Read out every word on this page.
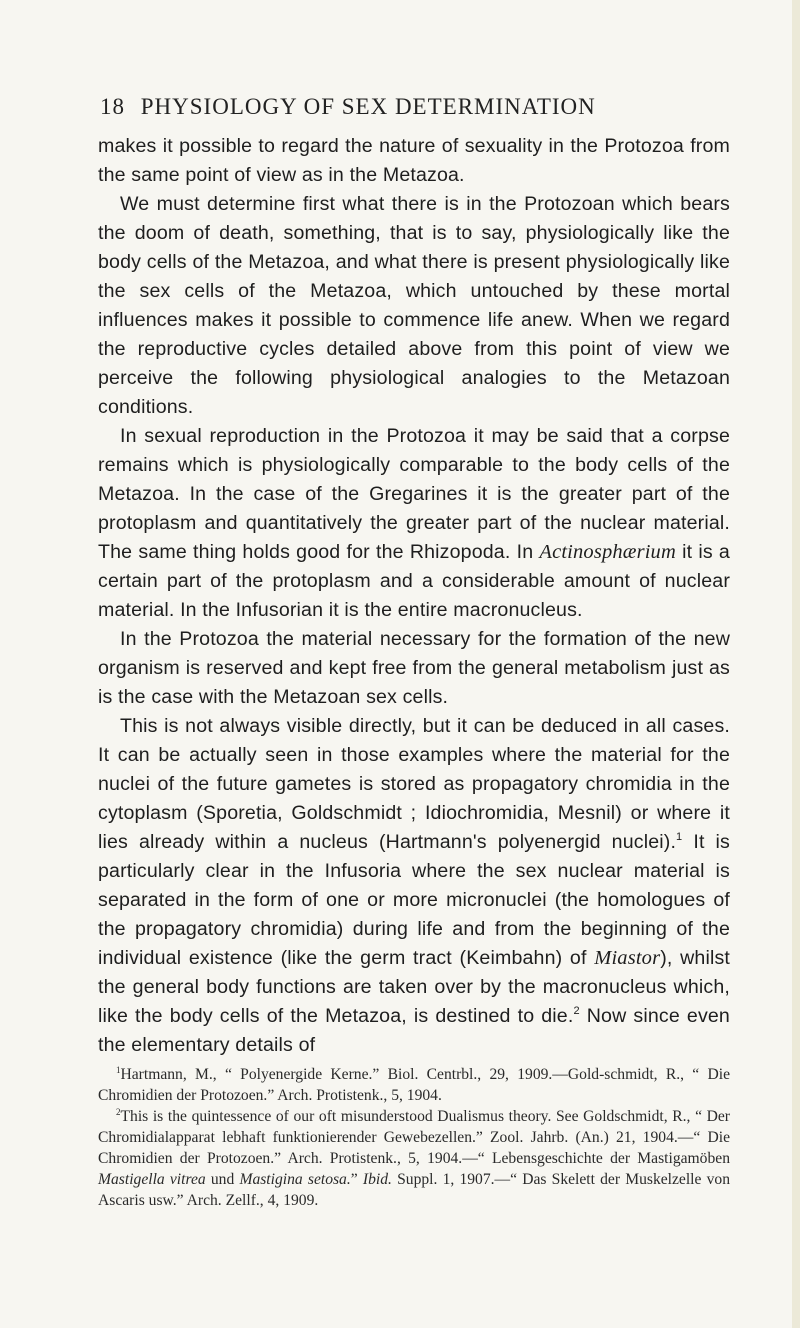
18 PHYSIOLOGY OF SEX DETERMINATION

makes it possible to regard the nature of sexuality in the Protozoa from the same point of view as in the Metazoa.

We must determine first what there is in the Protozoan which bears the doom of death, something, that is to say, physiologically like the body cells of the Metazoa, and what there is present physiologically like the sex cells of the Metazoa, which untouched by these mortal influences makes it possible to commence life anew. When we regard the reproductive cycles detailed above from this point of view we perceive the following physiological analogies to the Metazoan conditions.

In sexual reproduction in the Protozoa it may be said that a corpse remains which is physiologically comparable to the body cells of the Metazoa. In the case of the Gregarines it is the greater part of the protoplasm and quantitatively the greater part of the nuclear material. The same thing holds good for the Rhizopoda. In Actinosphærium it is a certain part of the protoplasm and a considerable amount of nuclear material. In the Infusorian it is the entire macronucleus.

In the Protozoa the material necessary for the formation of the new organism is reserved and kept free from the general metabolism just as is the case with the Metazoan sex cells.

This is not always visible directly, but it can be deduced in all cases. It can be actually seen in those examples where the material for the nuclei of the future gametes is stored as propagatory chromidia in the cytoplasm (Sporetia, Goldschmidt ; Idiochromidia, Mesnil) or where it lies already within a nucleus (Hartmann's polyenergid nuclei).$^1$ It is particularly clear in the Infusoria where the sex nuclear material is separated in the form of one or more micronuclei (the homologues of the propagatory chromidia) during life and from the beginning of the individual existence (like the germ tract (Keimbahn) of Miastor), whilst the general body functions are taken over by the macronucleus which, like the body cells of the Metazoa, is destined to die.$^2$ Now since even the elementary details of

$^1$Hartmann, M., “ Polyenergide Kerne.” Biol. Centrbl., 29, 1909.—Gold-schmidt, R., “ Die Chromidien der Protozoen.” Arch. Protistenk., 5, 1904.

$^2$This is the quintessence of our oft misunderstood Dualismus theory. See Goldschmidt, R., “ Der Chromidialapparat lebhaft funktionierender Gewebezellen.” Zool. Jahrb. (An.) 21, 1904.—“ Die Chromidien der Protozoen.” Arch. Protistenk., 5, 1904.—“ Lebensgeschichte der Mastigamöben Mastigella vitrea und Mastigina setosa.” Ibid. Suppl. 1, 1907.—“ Das Skelett der Muskelzelle von Ascaris usw.” Arch. Zellf., 4, 1909.
